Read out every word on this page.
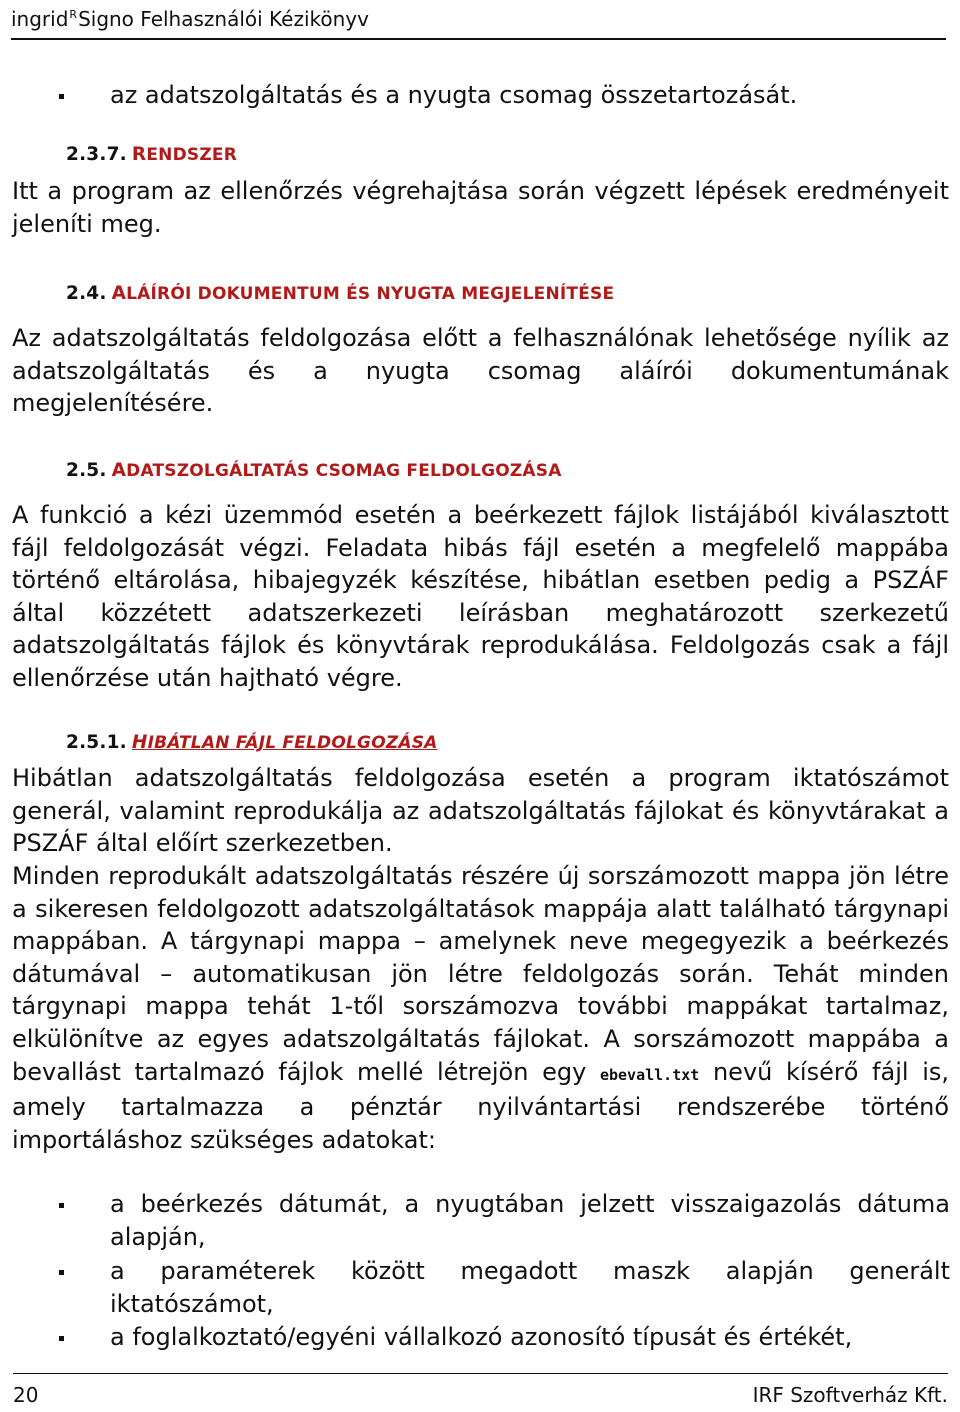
ingrid$^R$Signo Felhasználói Kézikönyv
az adatszolgáltatás és a nyugta csomag összetartozását.
2.3.7. RENDSZER
Itt a program az ellenőrzés végrehajtása során végzett lépések eredményeit jeleníti meg.
2.4. ALÁÍRÓI DOKUMENTUM ÉS NYUGTA MEGJELENÍTÉSE
Az adatszolgáltatás feldolgozása előtt a felhasználónak lehetősége nyílik az adatszolgáltatás és a nyugta csomag aláírói dokumentumának megjelenítésére.
2.5. ADATSZOLGÁLTATÁS CSOMAG FELDOLGOZÁSA
A funkció a kézi üzemmód esetén a beérkezett fájlok listájából kiválasztott fájl feldolgozását végzi. Feladata hibás fájl esetén a megfelelő mappába történő eltárolása, hibajegyzék készítése, hibátlan esetben pedig a PSZÁF által közzétett adatszerkezeti leírásban meghatározott szerkezetű adatszolgáltatás fájlok és könyvtárak reprodukálása. Feldolgozás csak a fájl ellenőrzése után hajtható végre.
2.5.1. HIBÁTLAN FÁJL FELDOLGOZÁSA
Hibátlan adatszolgáltatás feldolgozása esetén a program iktatószámot generál, valamint reprodukálja az adatszolgáltatás fájlokat és könyvtárakat a PSZÁF által előírt szerkezetben.
Minden reprodukált adatszolgáltatás részére új sorszámozott mappa jön létre a sikeresen feldolgozott adatszolgáltatások mappája alatt található tárgynapi mappában. A tárgynapi mappa – amelynek neve megegyezik a beérkezés dátumával – automatikusan jön létre feldolgozás során. Tehát minden tárgynapi mappa tehát 1-től sorszámozva további mappákat tartalmaz, elkülönítve az egyes adatszolgáltatás fájlokat. A sorszámozott mappába a bevallást tartalmazó fájlok mellé létrejön egy ebevall.txt nevű kísérő fájl is, amely tartalmazza a pénztár nyilvántartási rendszerébe történő importáláshoz szükséges adatokat:
a beérkezés dátumát, a nyugtában jelzett visszaigazolás dátuma alapján,
a paraméterek között megadott maszk alapján generált iktatószámot,
a foglalkoztató/egyéni vállalkozó azonosító típusát és értékét,
20	IRF Szoftverház Kft.
